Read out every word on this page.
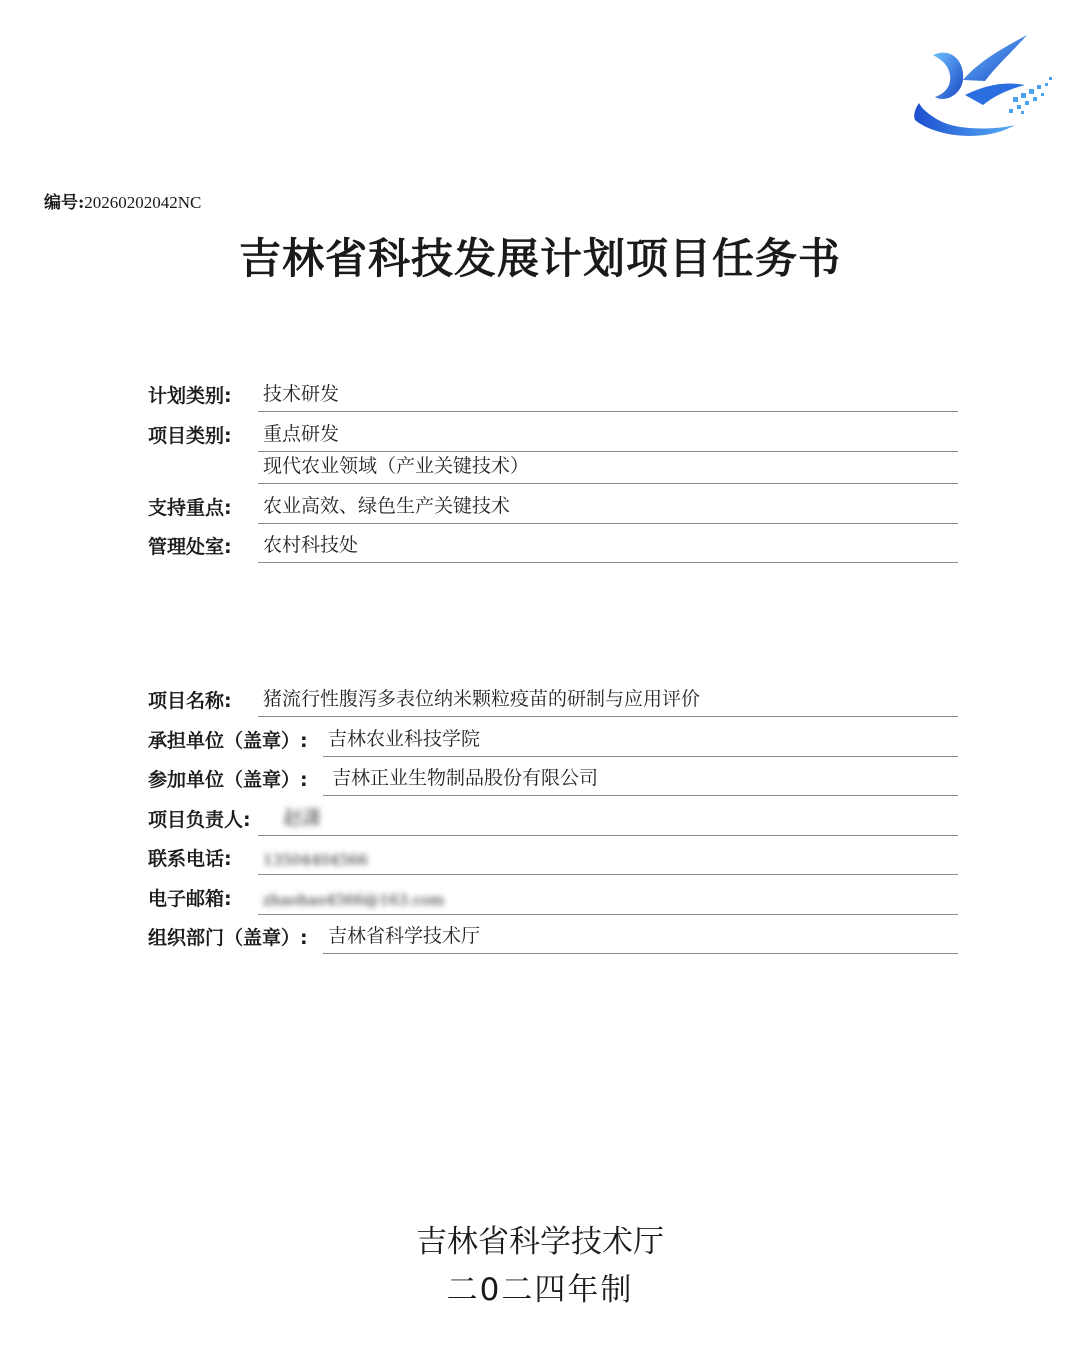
编号:20260202042NC
吉林省科技发展计划项目任务书
计划类别: 技术研发
项目类别: 重点研发
现代农业领域（产业关键技术）
支持重点: 农业高效、绿色生产关键技术
管理处室: 农村科技处
项目名称: 猪流行性腹泻多表位纳米颗粒疫苗的研制与应用评价
承担单位（盖章）: 吉林农业科技学院
参加单位（盖章）: 吉林正业生物制品股份有限公司
项目负责人: 赵潇
联系电话: 13504404566
电子邮箱: zhaohao4566@163.com
组织部门（盖章）: 吉林省科学技术厅
吉林省科学技术厅
二0二四年制
